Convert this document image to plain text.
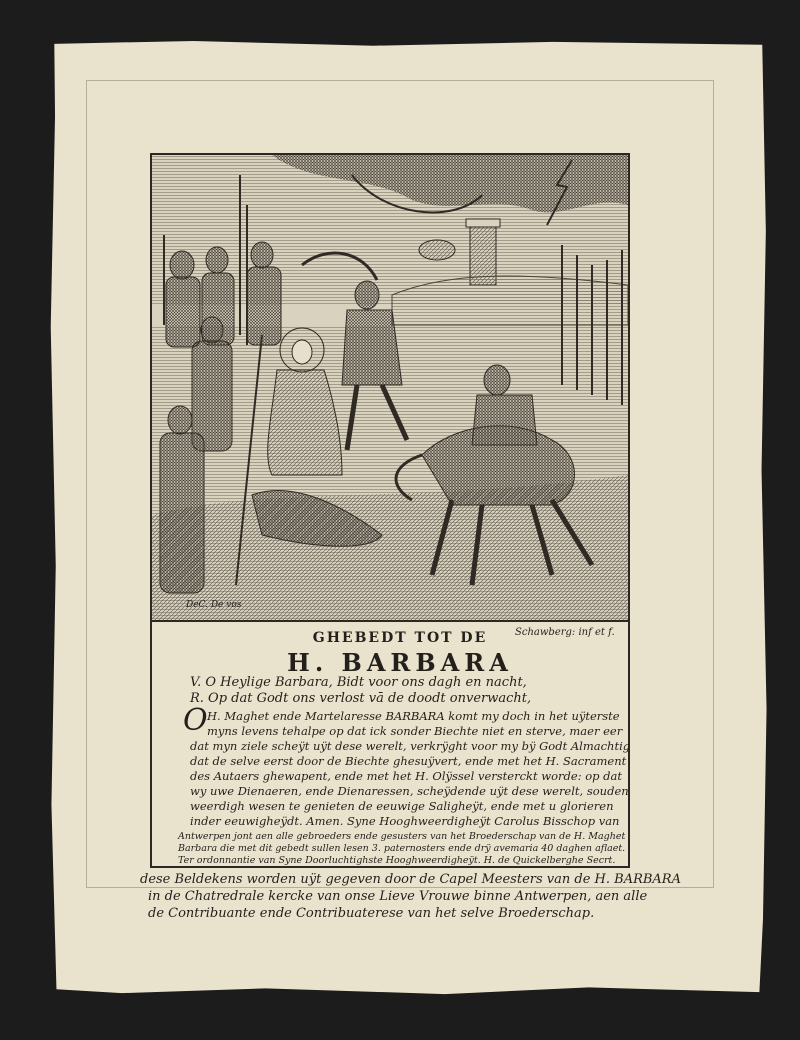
DeC. De vos
Schawberg: inf et f.
GHEBEDT TOT DE
H. BARBARA
V. O Heylige Barbara, Bidt voor ons dagh en nacht,
R. Op dat Godt ons verlost vā de doodt onverwacht,
O H. Maghet ende Martelaresse BARBARA komt my doch in het uÿterste
myns levens tehalpe op dat ick sonder Biechte niet en sterve, maer eer
dat myn ziele scheÿt uÿt dese werelt, verkrÿght voor my bÿ Godt Almachtig
dat de selve eerst door de Biechte ghesuÿvert, ende met het H. Sacrament
des Autaers ghewapent, ende met het H. Olÿssel versterckt worde: op dat
wy uwe Dienaeren, ende Dienaressen, scheÿdende uÿt dese werelt, souden
weerdigh wesen te genieten de eeuwige Saligheÿt, ende met u glorieren
inder eeuwigheÿdt. Amen. Syne Hooghweerdigheÿt Carolus Bisschop van
Antwerpen jont aen alle gebroeders ende gesusters van het Broederschap van de H. Maghet
Barbara die met dit gebedt sullen lesen 3. paternosters ende drÿ avemaria 40 daghen aflaet.
Ter ordonnantie van Syne Doorluchtighste Hooghweerdigheÿt. H. de Quickelberghe Secrt.
dese Beldekens worden uÿt gegeven door de Capel Meesters van de H. BARBARA
in de Chatredrale kercke van onse Lieve Vrouwe binne Antwerpen, aen alle
de Contribuante ende Contribuaterese van het selve Broederschap.
